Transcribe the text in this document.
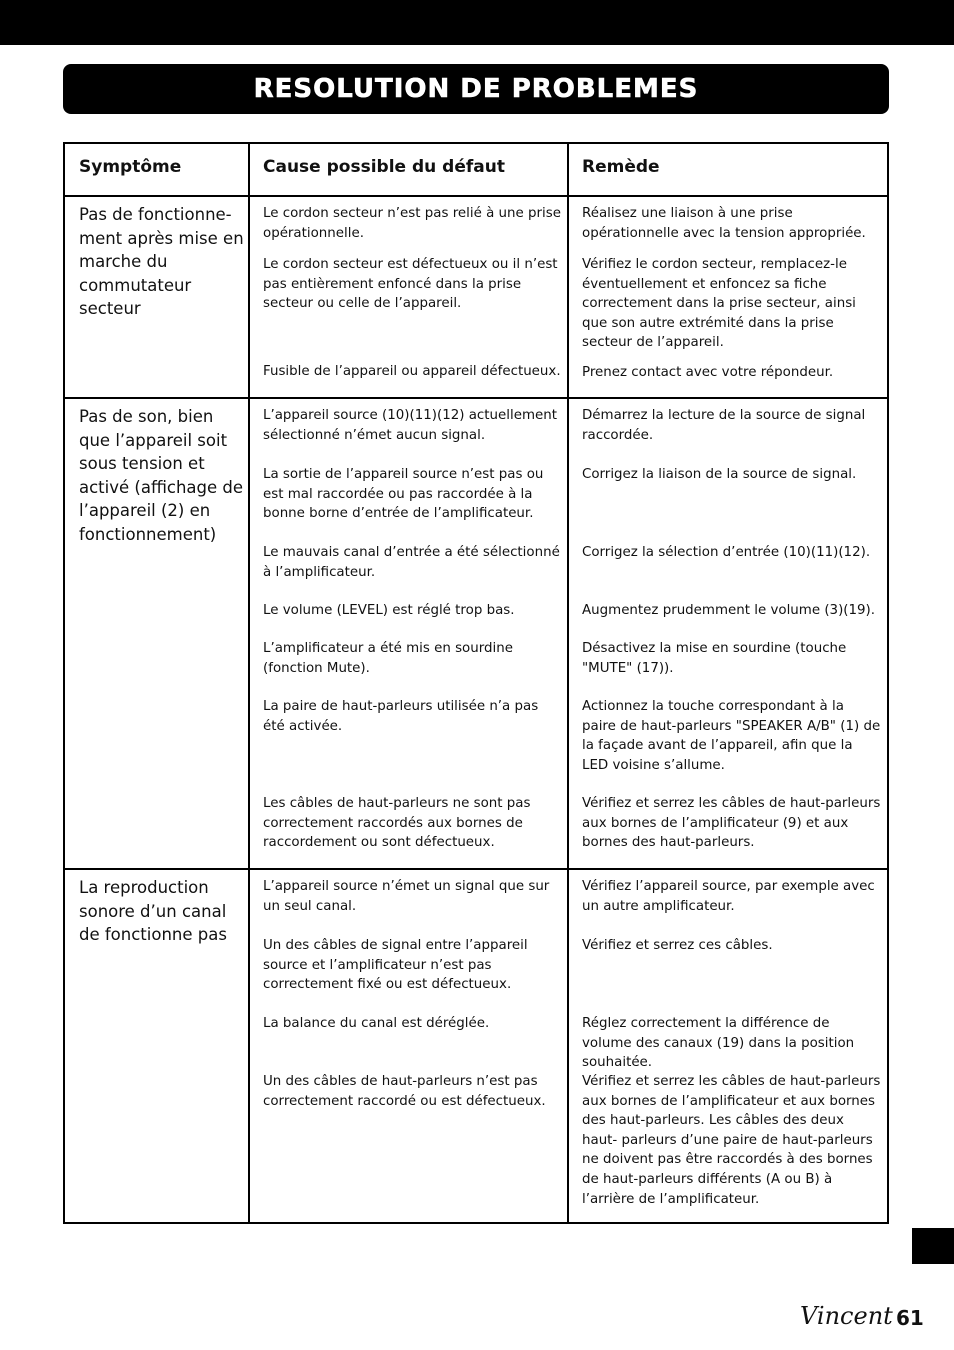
RESOLUTION DE PROBLEMES
Symptôme	Cause possible du défaut	Remède
Pas de fonctionne- ment après mise en marche du commutateur secteur
Le cordon secteur n’est pas relié à une prise opérationnelle.
Le cordon secteur est défectueux ou il n’est pas entièrement enfoncé dans la prise secteur ou celle de l’appareil.
Fusible de l’appareil ou appareil défectueux.
Réalisez une liaison à une prise opérationnelle avec la tension appropriée.
Vérifiez le cordon secteur, remplacez-le éventuellement et enfoncez sa fiche correctement dans la prise secteur, ainsi que son autre extrémité dans la prise secteur de l’appareil.
Prenez contact avec votre répondeur.
Pas de son, bien que l’appareil soit sous tension et activé (affichage de l’appareil (2) en fonctionnement)
L’appareil source (10)(11)(12) actuellement sélectionné n’émet aucun signal.
La sortie de l’appareil source n’est pas ou est mal raccordée ou pas raccordée à la bonne borne d’entrée de l’amplificateur.
Le mauvais canal d’entrée a été sélectionné à l’amplificateur.
Le volume (LEVEL) est réglé trop bas.
L’amplificateur a été mis en sourdine (fonction Mute).
La paire de haut-parleurs utilisée n’a pas été activée.
Les câbles de haut-parleurs ne sont pas correctement raccordés aux bornes de raccordement ou sont défectueux.
Démarrez la lecture de la source de signal raccordée.
Corrigez la liaison de la source de signal.
Corrigez la sélection d’entrée (10)(11)(12).
Augmentez prudemment le volume (3)(19).
Désactivez la mise en sourdine (touche "MUTE" (17)).
Actionnez la touche correspondant à la paire de haut-parleurs "SPEAKER A/B" (1) de la façade avant de l’appareil, afin que la LED voisine s’allume.
Vérifiez et serrez les câbles de haut-parleurs aux bornes de l’amplificateur (9) et aux bornes des haut-parleurs.
La reproduction sonore d’un canal de fonctionne pas
L’appareil source n’émet un signal que sur un seul canal.
Un des câbles de signal entre l’appareil source et l’amplificateur n’est pas correctement fixé ou est défectueux.
La balance du canal est déréglée.
Un des câbles de haut-parleurs n’est pas correctement raccordé ou est défectueux.
Vérifiez l’appareil source, par exemple avec un autre amplificateur.
Vérifiez et serrez ces câbles.
Réglez correctement la différence de volume des canaux (19) dans la position souhaitée.
Vérifiez et serrez les câbles de haut-parleurs aux bornes de l’amplificateur et aux bornes des haut-parleurs. Les câbles des deux haut- parleurs d’une paire de haut-parleurs ne doivent pas être raccordés à des bornes de haut-parleurs différents (A ou B) à l’arrière de l’amplificateur.
Vincent 61
